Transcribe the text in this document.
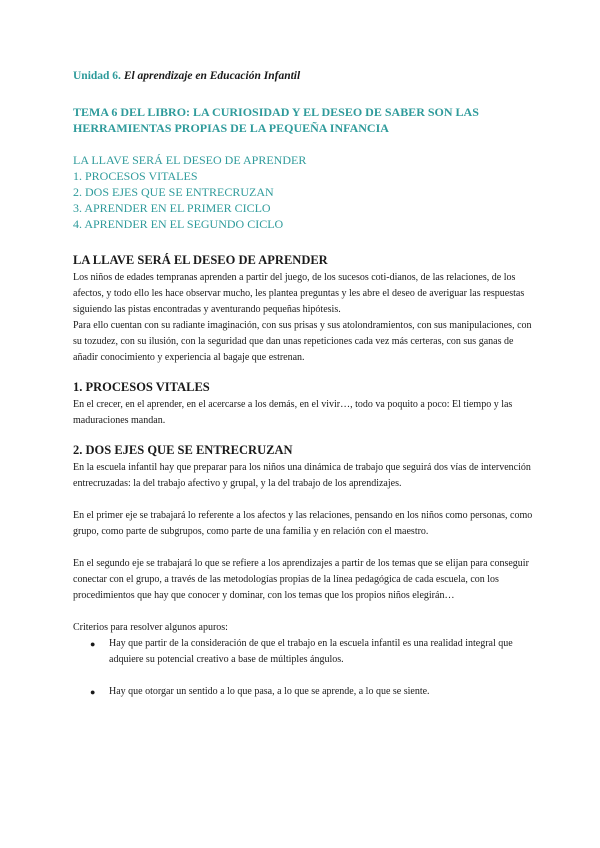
Unidad 6. El aprendizaje en Educación Infantil
TEMA 6 DEL LIBRO: LA CURIOSIDAD Y EL DESEO DE SABER SON LAS HERRAMIENTAS PROPIAS DE LA PEQUEÑA INFANCIA
LA LLAVE SERÁ EL DESEO DE APRENDER
1. PROCESOS VITALES
2. DOS EJES QUE SE ENTRECRUZAN
3. APRENDER EN EL PRIMER CICLO
4. APRENDER EN EL SEGUNDO CICLO
LA LLAVE SERÁ EL DESEO DE APRENDER

Los niños de edades tempranas aprenden a partir del juego, de los sucesos coti-dianos, de las relaciones, de los afectos, y todo ello les hace observar mucho, les plantea preguntas y les abre el deseo de averiguar las respuestas siguiendo las pistas encontradas y aventurando pequeñas hipótesis.

Para ello cuentan con su radiante imaginación, con sus prisas y sus atolondramientos, con sus manipulaciones, con su tozudez, con su ilusión, con la seguridad que dan unas repeticiones cada vez más certeras, con sus ganas de añadir conocimiento y experiencia al bagaje que estrenan.

1. PROCESOS VITALES

En el crecer, en el aprender, en el acercarse a los demás, en el vivir…, todo va poquito a poco: El tiempo y las maduraciones mandan.

2. DOS EJES QUE SE ENTRECRUZAN

En la escuela infantil hay que preparar para los niños una dinámica de trabajo que seguirá dos vías de intervención entrecruzadas: la del trabajo afectivo y grupal, y la del trabajo de los aprendizajes.

En el primer eje se trabajará lo referente a los afectos y las relaciones, pensando en los niños como personas, como grupo, como parte de subgrupos, como parte de una familia y en relación con el maestro.

En el segundo eje se trabajará lo que se refiere a los aprendizajes a partir de los temas que se elijan para conseguir conectar con el grupo, a través de las metodologías propias de la línea pedagógica de cada escuela, con los procedimientos que hay que conocer y dominar, con los temas que los propios niños elegirán…

Criterios para resolver algunos apuros:

● Hay que partir de la consideración de que el trabajo en la escuela infantil es una realidad integral que adquiere su potencial creativo a base de múltiples ángulos.
● Hay que otorgar un sentido a lo que pasa, a lo que se aprende, a lo que se siente.
